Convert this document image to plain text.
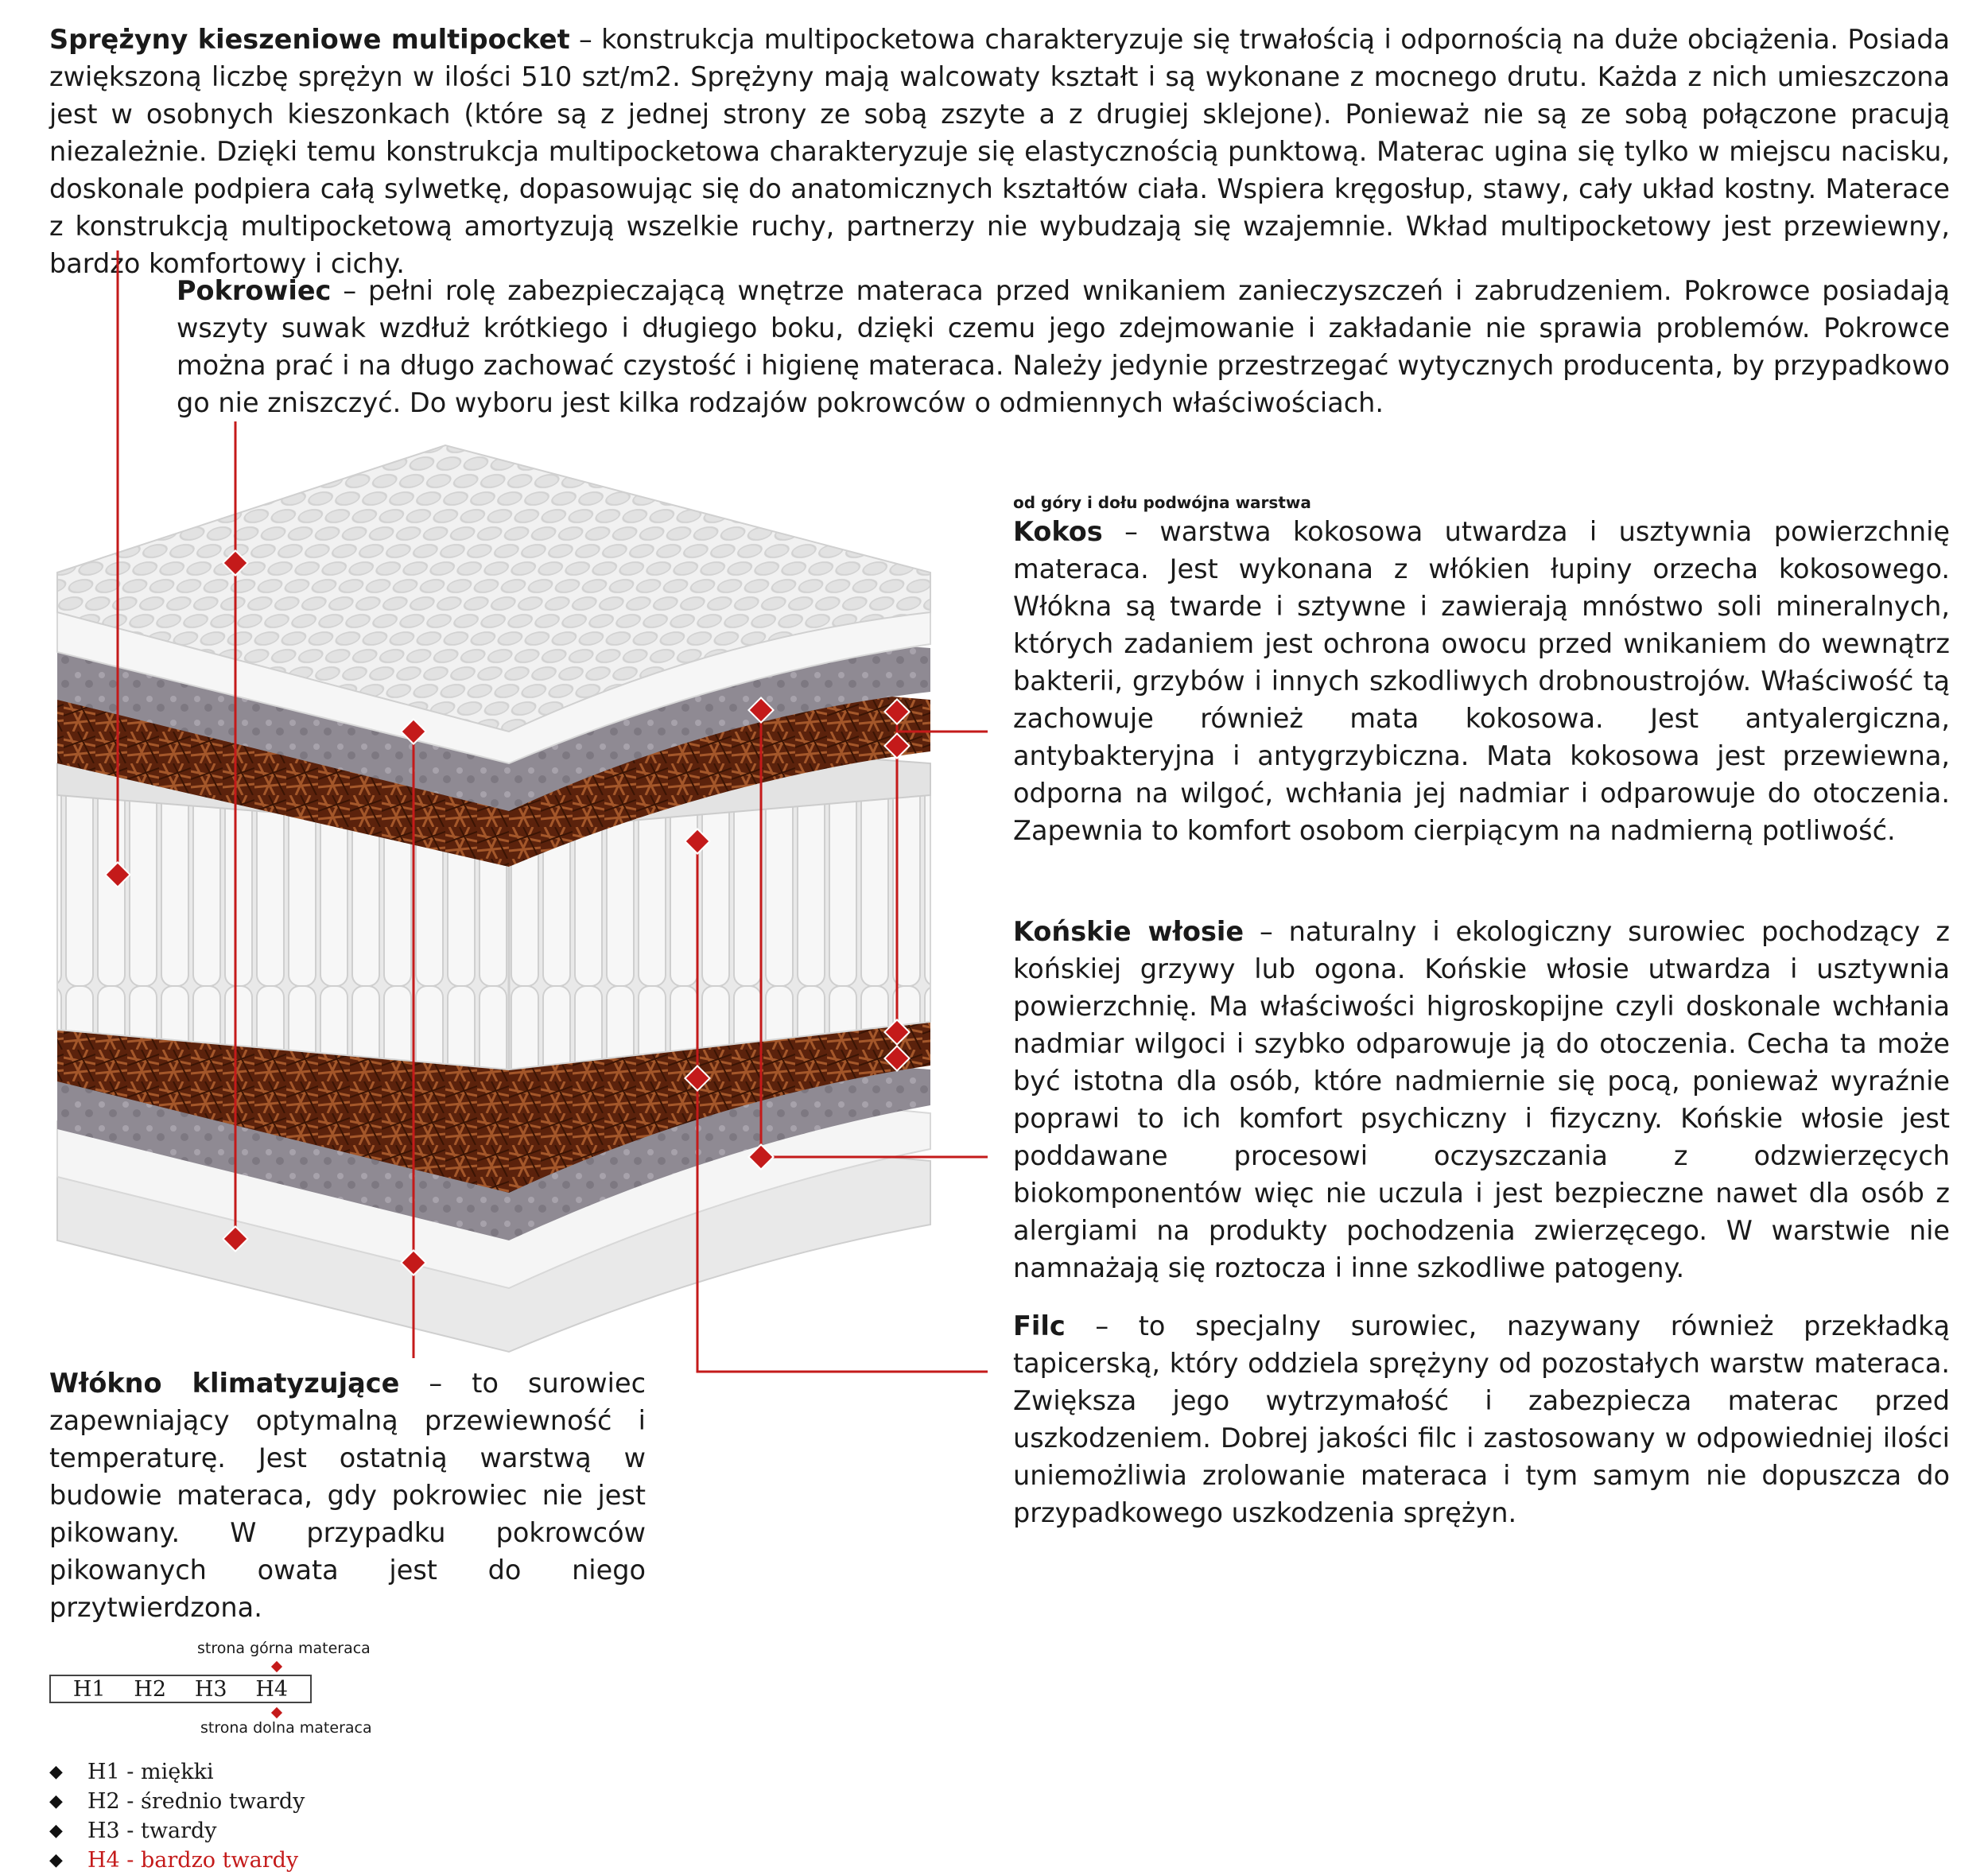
Sprężyny kieszeniowe multipocket – konstrukcja multipocketowa charakteryzuje się trwałością i odpornością na duże obciążenia. Posiada zwiększoną liczbę sprężyn w ilości 510 szt/m2. Sprężyny mają walcowaty kształt i są wykonane z mocnego drutu. Każda z nich umieszczona jest w osobnych kieszonkach (które są z jednej strony ze sobą zszyte a z drugiej sklejone). Ponieważ nie są ze sobą połączone pracują niezależnie. Dzięki temu konstrukcja multipocketowa charakteryzuje się elastycznością punktową. Materac ugina się tylko w miejscu nacisku, doskonale podpiera całą sylwetkę, dopasowując się do anatomicznych kształtów ciała. Wspiera kręgosłup, stawy, cały układ kostny. Materace z konstrukcją multipocketową amortyzują wszelkie ruchy, partnerzy nie wybudzają się wzajemnie. Wkład multipocketowy jest przewiewny, bardzo komfortowy i cichy.

Pokrowiec – pełni rolę zabezpieczającą wnętrze materaca przed wnikaniem zanieczyszczeń i zabrudzeniem. Pokrowce posiadają wszyty suwak wzdłuż krótkiego i długiego boku, dzięki czemu jego zdejmowanie i zakładanie nie sprawia problemów. Pokrowce można prać i na długo zachować czystość i higienę materaca. Należy jedynie przestrzegać wytycznych producenta, by przypadkowo go nie zniszczyć. Do wyboru jest kilka rodzajów pokrowców o odmiennych właściwościach.

od góry i dołu podwójna warstwa

Kokos – warstwa kokosowa utwardza i usztywnia powierzchnię materaca. Jest wykonana z włókien łupiny orzecha kokosowego. Włókna są twarde i sztywne i zawierają mnóstwo soli mineralnych, których zadaniem jest ochrona owocu przed wnikaniem do wewnątrz bakterii, grzybów i innych szkodliwych drobnoustrojów. Właściwość tą zachowuje również mata kokosowa. Jest antyalergiczna, antybakteryjna i antygrzybiczna. Mata kokosowa jest przewiewna, odporna na wilgoć, wchłania jej nadmiar i odparowuje do otoczenia. Zapewnia to komfort osobom cierpiącym na nadmierną potliwość.

Końskie włosie – naturalny i ekologiczny surowiec pochodzący z końskiej grzywy lub ogona. Końskie włosie utwardza i usztywnia powierzchnię. Ma właściwości higroskopijne czyli doskonale wchłania nadmiar wilgoci i szybko odparowuje ją do otoczenia. Cecha ta może być istotna dla osób, które nadmiernie się pocą, ponieważ wyraźnie poprawi to ich komfort psychiczny i fizyczny. Końskie włosie jest poddawane procesowi oczyszczania z odzwierzęcych biokomponentów więc nie uczula i jest bezpieczne nawet dla osób z alergiami na produkty pochodzenia zwierzęcego. W warstwie nie namnażają się roztocza i inne szkodliwe patogeny.

Filc – to specjalny surowiec, nazywany również przekładką tapicerską, który oddziela sprężyny od pozostałych warstw materaca. Zwiększa jego wytrzymałość i zabezpiecza materac przed uszkodzeniem. Dobrej jakości filc i zastosowany w odpowiedniej ilości uniemożliwia zrolowanie materaca i tym samym nie dopuszcza do przypadkowego uszkodzenia sprężyn.

Włókno klimatyzujące – to surowiec zapewniający optymalną przewiewność i temperaturę. Jest ostatnią warstwą w budowie materaca, gdy pokrowiec nie jest pikowany. W przypadku pokrowców pikowanych owata jest do niego przytwierdzona.

strona górna materaca
H1 H2 H3 H4
strona dolna materaca
◆	H1 - miękki
◆	H2 - średnio twardy
◆	H3 - twardy
◆	H4 - bardzo twardy
